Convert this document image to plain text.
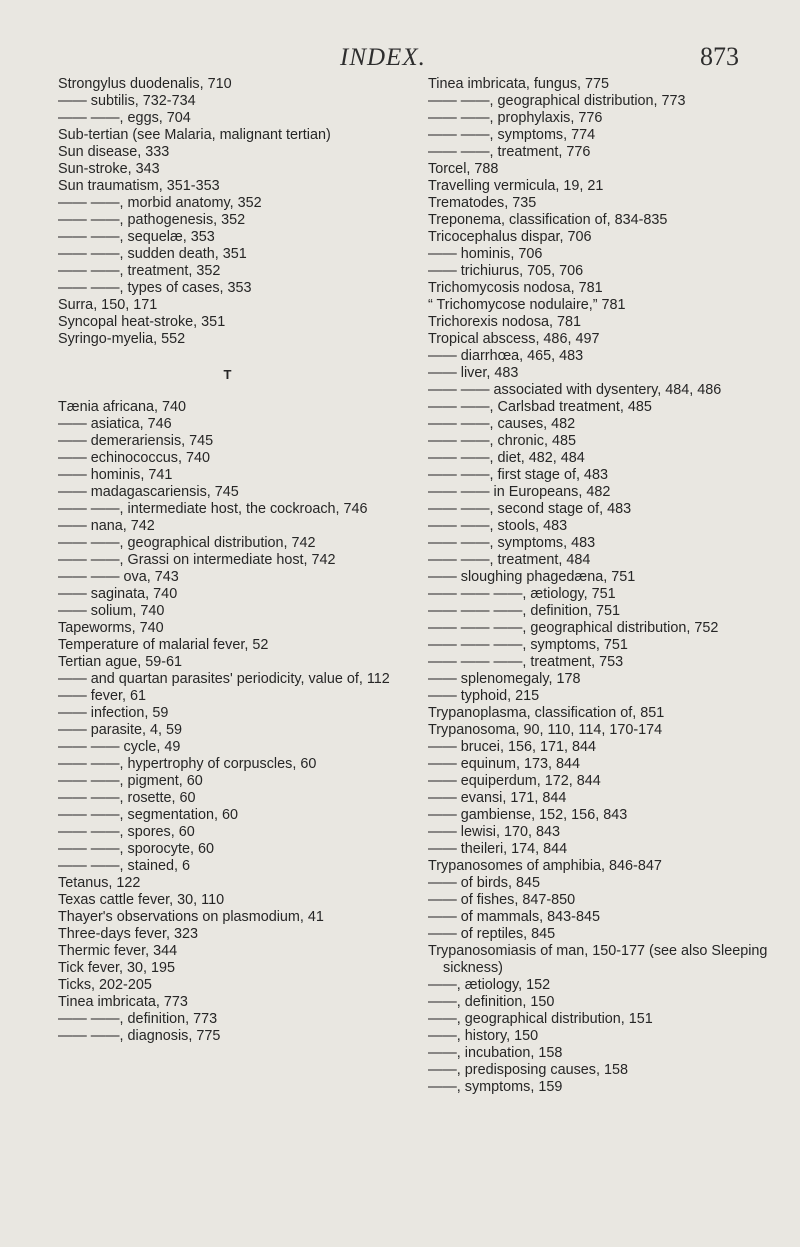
INDEX.	873
Strongylus duodenalis, 710
—— subtilis, 732-734
—— ——, eggs, 704
Sub-tertian (see Malaria, malignant tertian)
Sun disease, 333
Sun-stroke, 343
Sun traumatism, 351-353
—— ——, morbid anatomy, 352
—— ——, pathogenesis, 352
—— ——, sequelæ, 353
—— ——, sudden death, 351
—— ——, treatment, 352
—— ——, types of cases, 353
Surra, 150, 171
Syncopal heat-stroke, 351
Syringo-myelia, 552
T
Tænia africana, 740
—— asiatica, 746
—— demerariensis, 745
—— echinococcus, 740
—— hominis, 741
—— madagascariensis, 745
—— ——, intermediate host, the cockroach, 746
—— nana, 742
—— ——, geographical distribution, 742
—— ——, Grassi on intermediate host, 742
—— —— ova, 743
—— saginata, 740
—— solium, 740
Tapeworms, 740
Temperature of malarial fever, 52
Tertian ague, 59-61
—— and quartan parasites' periodicity, value of, 112
—— fever, 61
—— infection, 59
—— parasite, 4, 59
—— —— cycle, 49
—— ——, hypertrophy of corpuscles, 60
—— ——, pigment, 60
—— ——, rosette, 60
—— ——, segmentation, 60
—— ——, spores, 60
—— ——, sporocyte, 60
—— ——, stained, 6
Tetanus, 122
Texas cattle fever, 30, 110
Thayer's observations on plasmodium, 41
Three-days fever, 323
Thermic fever, 344
Tick fever, 30, 195
Ticks, 202-205
Tinea imbricata, 773
—— ——, definition, 773
—— ——, diagnosis, 775
Tinea imbricata, fungus, 775
—— ——, geographical distribution, 773
—— ——, prophylaxis, 776
—— ——, symptoms, 774
—— ——, treatment, 776
Torcel, 788
Travelling vermicula, 19, 21
Trematodes, 735
Treponema, classification of, 834-835
Tricocephalus dispar, 706
—— hominis, 706
—— trichiurus, 705, 706
Trichomycosis nodosa, 781
“ Trichomycose nodulaire,” 781
Trichorexis nodosa, 781
Tropical abscess, 486, 497
—— diarrhœa, 465, 483
—— liver, 483
—— —— associated with dysentery, 484, 486
—— ——, Carlsbad treatment, 485
—— ——, causes, 482
—— ——, chronic, 485
—— ——, diet, 482, 484
—— ——, first stage of, 483
—— —— in Europeans, 482
—— ——, second stage of, 483
—— ——, stools, 483
—— ——, symptoms, 483
—— ——, treatment, 484
—— sloughing phagedæna, 751
—— —— ——, ætiology, 751
—— —— ——, definition, 751
—— —— ——, geographical distribution, 752
—— —— ——, symptoms, 751
—— —— ——, treatment, 753
—— splenomegaly, 178
—— typhoid, 215
Trypanoplasma, classification of, 851
Trypanosoma, 90, 110, 114, 170-174
—— brucei, 156, 171, 844
—— equinum, 173, 844
—— equiperdum, 172, 844
—— evansi, 171, 844
—— gambiense, 152, 156, 843
—— lewisi, 170, 843
—— theileri, 174, 844
Trypanosomes of amphibia, 846-847
—— of birds, 845
—— of fishes, 847-850
—— of mammals, 843-845
—— of reptiles, 845
Trypanosomiasis of man, 150-177 (see also Sleeping sickness)
——, ætiology, 152
——, definition, 150
——, geographical distribution, 151
——, history, 150
——, incubation, 158
——, predisposing causes, 158
——, symptoms, 159
